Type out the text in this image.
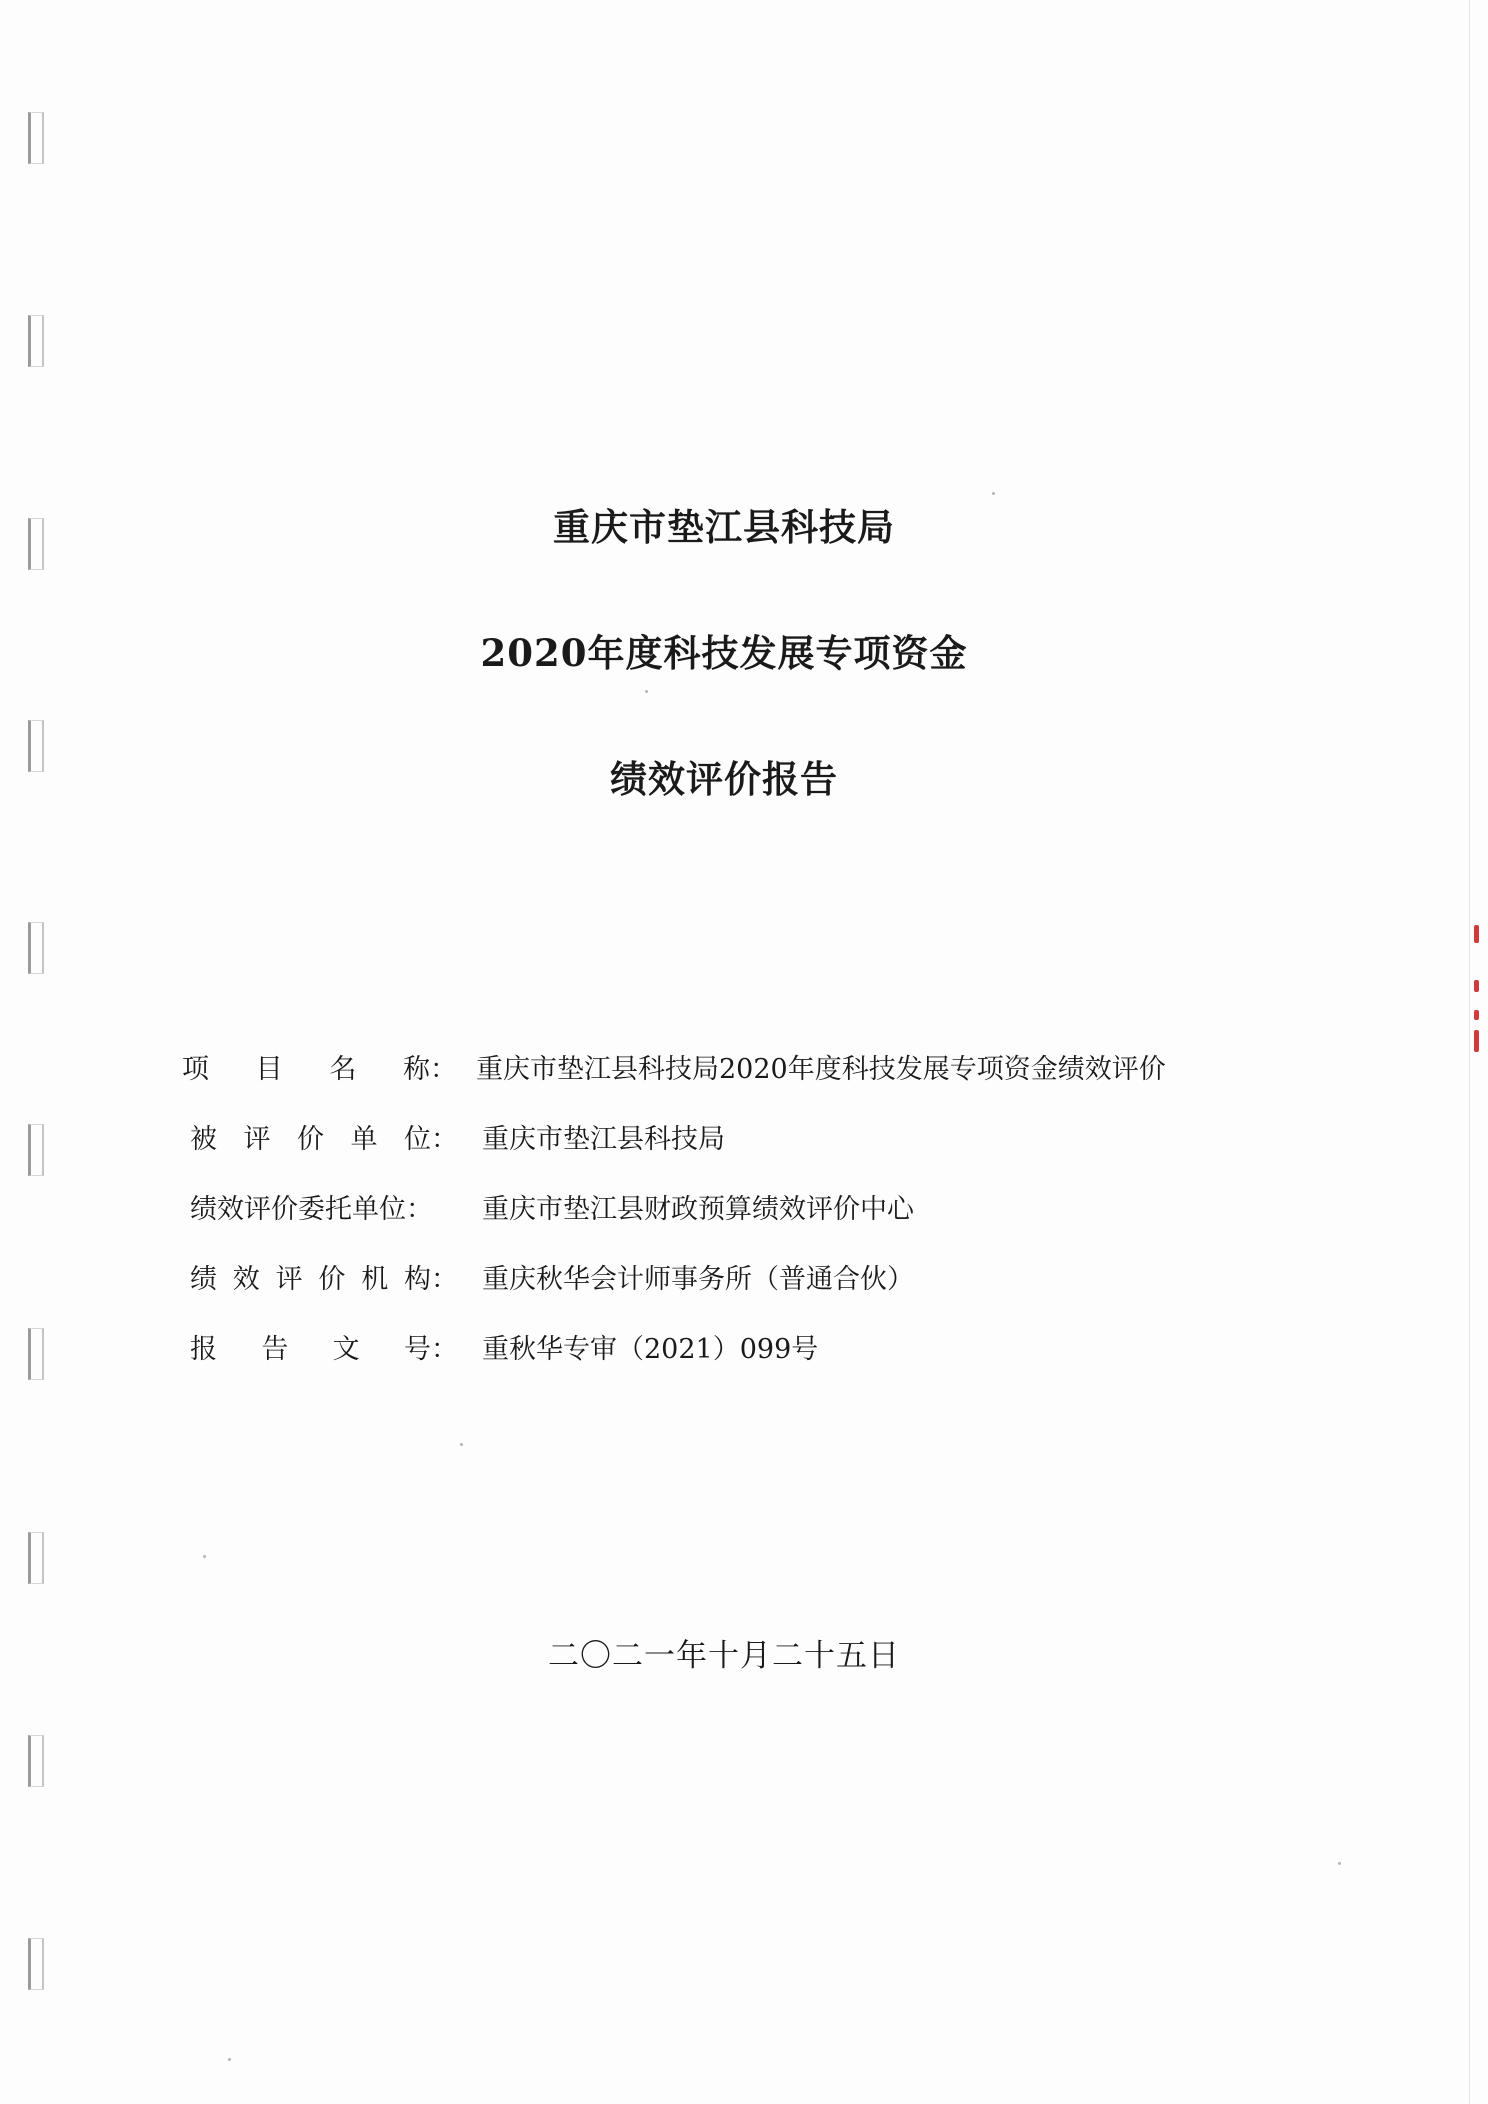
重庆市垫江县科技局
2020年度科技发展专项资金
绩效评价报告
项 目 名 称： 重庆市垫江县科技局2020年度科技发展专项资金绩效评价
被 评 价 单 位： 重庆市垫江县科技局
绩效评价委托单位： 重庆市垫江县财政预算绩效评价中心
绩 效 评 价 机 构： 重庆秋华会计师事务所（普通合伙）
报 告 文 号： 重秋华专审（2021）099号
二〇二一年十月二十五日
